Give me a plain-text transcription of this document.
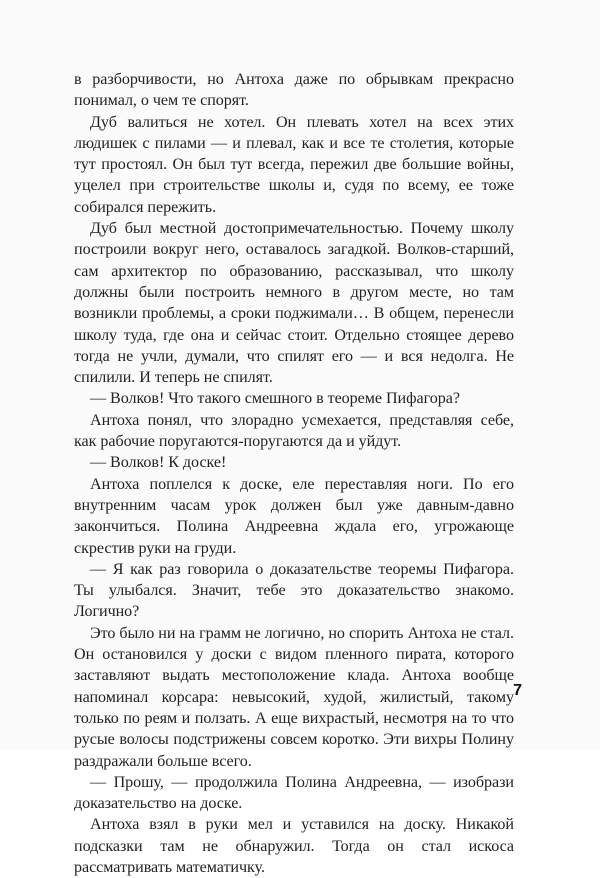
в разборчивости, но Антоха даже по обрывкам прекрасно понимал, о чем те спорят.

Дуб валиться не хотел. Он плевать хотел на всех этих людишек с пилами — и плевал, как и все те столетия, которые тут простоял. Он был тут всегда, пережил две большие войны, уцелел при строительстве школы и, судя по всему, ее тоже собирался пережить.

Дуб был местной достопримечательностью. Почему школу построили вокруг него, оставалось загадкой. Волков-старший, сам архитектор по образованию, рассказывал, что школу должны были построить немного в другом месте, но там возникли проблемы, а сроки поджимали… В общем, перенесли школу туда, где она и сейчас стоит. Отдельно стоящее дерево тогда не учли, думали, что спилят его — и вся недолга. Не спилили. И теперь не спилят.

— Волков! Что такого смешного в теореме Пифагора?

Антоха понял, что злорадно усмехается, представляя себе, как рабочие поругаются-поругаются да и уйдут.

— Волков! К доске!

Антоха поплелся к доске, еле переставляя ноги. По его внутренним часам урок должен был уже давным-давно закончиться. Полина Андреевна ждала его, угрожающе скрестив руки на груди.

— Я как раз говорила о доказательстве теоремы Пифагора. Ты улыбался. Значит, тебе это доказательство знакомо. Логично?

Это было ни на грамм не логично, но спорить Антоха не стал. Он остановился у доски с видом пленного пирата, которого заставляют выдать местоположение клада. Антоха вообще напоминал корсара: невысокий, худой, жилистый, такому только по реям и ползать. А еще вихрастый, несмотря на то что русые волосы подстрижены совсем коротко. Эти вихры Полину раздражали больше всего.

— Прошу, — продолжила Полина Андреевна, — изобрази доказательство на доске.

Антоха взял в руки мел и уставился на доску. Никакой подсказки там не обнаружил. Тогда он стал искоса рассматривать математичку.

7
